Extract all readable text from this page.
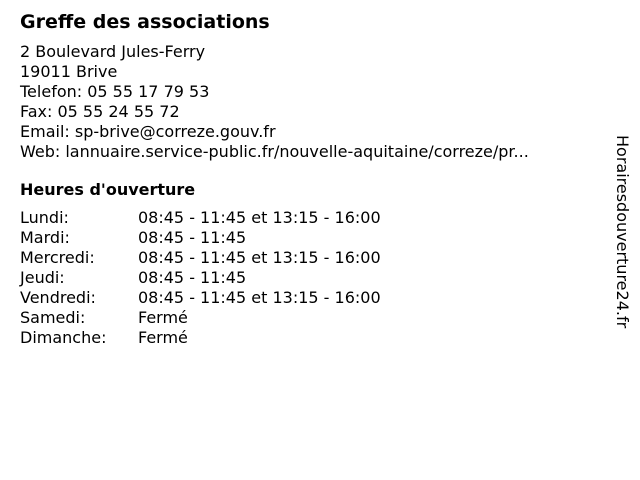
Greffe des associations
2 Boulevard Jules-Ferry
19011 Brive
Telefon: 05 55 17 79 53
Fax: 05 55 24 55 72
Email: sp-brive@correze.gouv.fr
Web: lannuaire.service-public.fr/nouvelle-aquitaine/correze/pr...
Heures d'ouverture
Lundi:	08:45 - 11:45 et 13:15 - 16:00
Mardi:	08:45 - 11:45
Mercredi:	08:45 - 11:45 et 13:15 - 16:00
Jeudi:	08:45 - 11:45
Vendredi:	08:45 - 11:45 et 13:15 - 16:00
Samedi:	Fermé
Dimanche:	Fermé
Horairesdouverture24.fr
